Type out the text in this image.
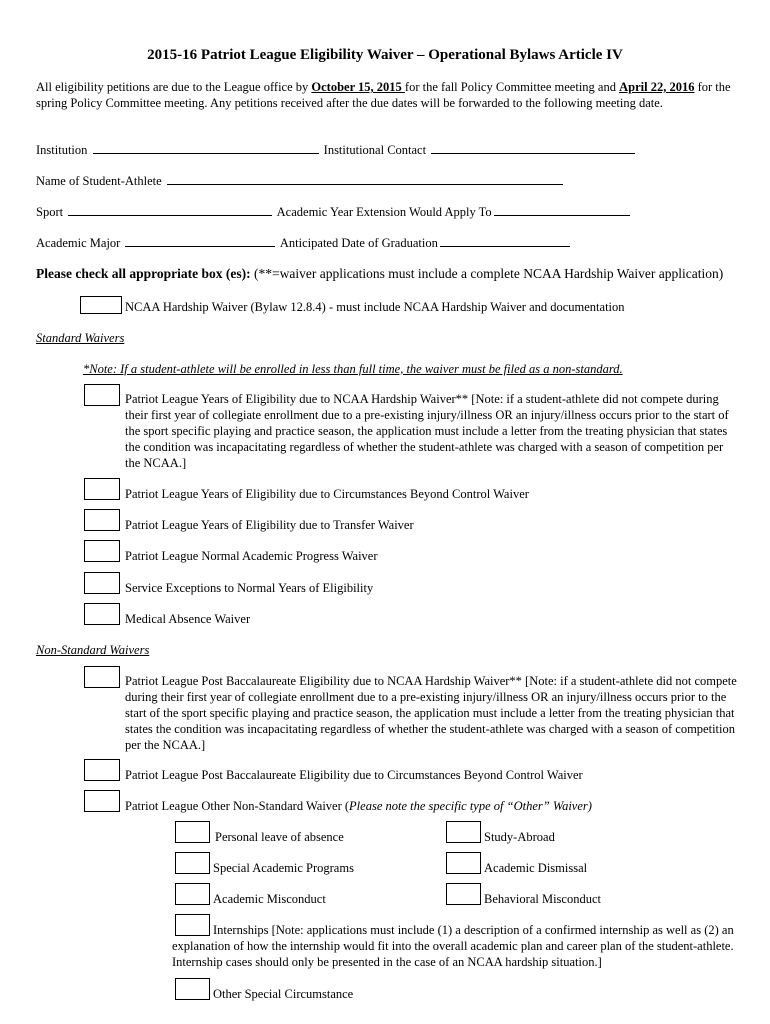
2015-16 Patriot League Eligibility Waiver – Operational Bylaws Article IV
All eligibility petitions are due to the League office by October 15, 2015 for the fall Policy Committee meeting and April 22, 2016 for the spring Policy Committee meeting. Any petitions received after the due dates will be forwarded to the following meeting date.
Institution	Institutional Contact
Name of Student-Athlete
Sport	Academic Year Extension Would Apply To
Academic Major	Anticipated Date of Graduation
Please check all appropriate box (es): (**=waiver applications must include a complete NCAA Hardship Waiver application)
NCAA Hardship Waiver (Bylaw 12.8.4) - must include NCAA Hardship Waiver and documentation
Standard Waivers
*Note: If a student-athlete will be enrolled in less than full time, the waiver must be filed as a non-standard.
Patriot League Years of Eligibility due to NCAA Hardship Waiver** [Note: if a student-athlete did not compete during their first year of collegiate enrollment due to a pre-existing injury/illness OR an injury/illness occurs prior to the start of the sport specific playing and practice season, the application must include a letter from the treating physician that states the condition was incapacitating regardless of whether the student-athlete was charged with a season of competition per the NCAA.]
Patriot League Years of Eligibility due to Circumstances Beyond Control Waiver
Patriot League Years of Eligibility due to Transfer Waiver
Patriot League Normal Academic Progress Waiver
Service Exceptions to Normal Years of Eligibility
Medical Absence Waiver
Non-Standard Waivers
Patriot League Post Baccalaureate Eligibility due to NCAA Hardship Waiver** [Note: if a student-athlete did not compete during their first year of collegiate enrollment due to a pre-existing injury/illness OR an injury/illness occurs prior to the start of the sport specific playing and practice season, the application must include a letter from the treating physician that states the condition was incapacitating regardless of whether the student-athlete was charged with a season of competition per the NCAA.]
Patriot League Post Baccalaureate Eligibility due to Circumstances Beyond Control Waiver
Patriot League Other Non-Standard Waiver (Please note the specific type of “Other” Waiver)
Personal leave of absence	Study-Abroad
Special Academic Programs	Academic Dismissal
Academic Misconduct	Behavioral Misconduct
Internships [Note: applications must include (1) a description of a confirmed internship as well as (2) an explanation of how the internship would fit into the overall academic plan and career plan of the student-athlete. Internship cases should only be presented in the case of an NCAA hardship situation.]
Other Special Circumstance
